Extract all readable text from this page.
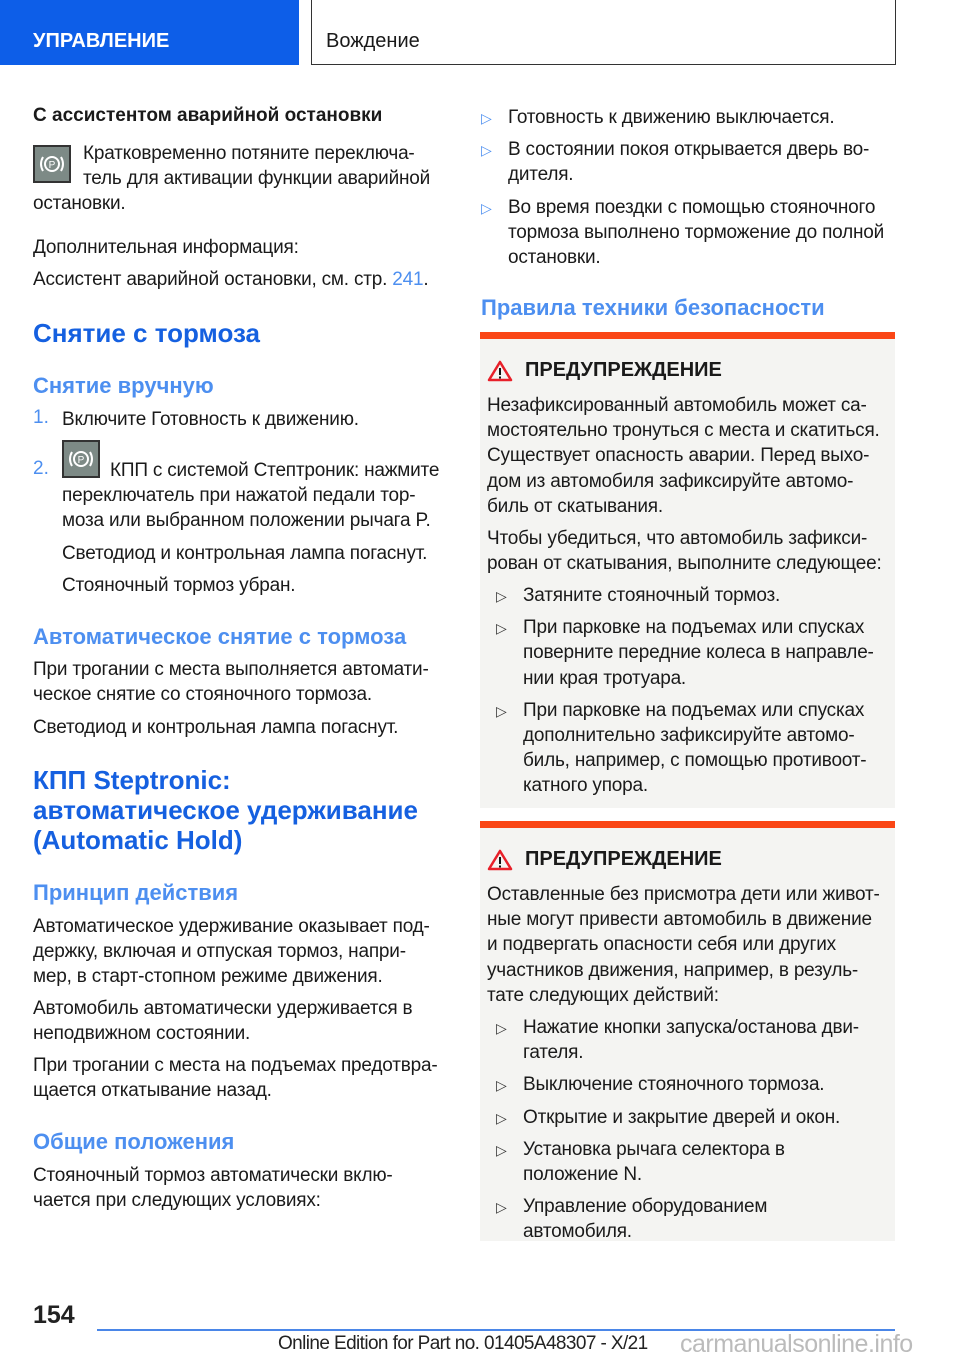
УПРАВЛЕНИЕ	Вождение
С ассистентом аварийной остановки
P
Кратковременно потяните переключа-
тель для активации функции аварийной
остановки.
Дополнительная информация:
Ассистент аварийной остановки, см. стр. 241.
Снятие с тормоза
Снятие вручную
1. Включите Готовность к движению.
2.	P	КПП с системой Стептроник: нажмите
переключатель при нажатой педали тор-
моза или выбранном положении рычага P.
Светодиод и контрольная лампа погаснут.
Стояночный тормоз убран.
Автоматическое снятие с тормоза
При трогании с места выполняется автомати-
ческое снятие со стояночного тормоза.
Светодиод и контрольная лампа погаснут.
КПП Steptronic:
автоматическое удерживание
(Automatic Hold)
Принцип действия
Автоматическое удерживание оказывает под-
держку, включая и отпуская тормоз, напри-
мер, в старт-стопном режиме движения.
Автомобиль автоматически удерживается в
неподвижном состоянии.
При трогании с места на подъемах предотвра-
щается откатывание назад.
Общие положения
Стояночный тормоз автоматически вклю-
чается при следующих условиях:
▷ Готовность к движению выключается.
▷ В состоянии покоя открывается дверь во-
дителя.
▷ Во время поездки с помощью стояночного
тормоза выполнено торможение до полной
остановки.
Правила техники безопасности
ПРЕДУПРЕЖДЕНИЕ
Незафиксированный автомобиль может са-
мостоятельно тронуться с места и скатиться.
Существует опасность аварии. Перед выхо-
дом из автомобиля зафиксируйте автомо-
биль от скатывания.
Чтобы убедиться, что автомобиль зафикси-
рован от скатывания, выполните следующее:
▷ Затяните стояночный тормоз.
▷ При парковке на подъемах или спусках
поверните передние колеса в направле-
нии края тротуара.
▷ При парковке на подъемах или спусках
дополнительно зафиксируйте автомо-
биль, например, с помощью противоот-
катного упора.
ПРЕДУПРЕЖДЕНИЕ
Оставленные без присмотра дети или живот-
ные могут привести автомобиль в движение
и подвергать опасности себя или других
участников движения, например, в резуль-
тате следующих действий:
▷ Нажатие кнопки запуска/останова дви-
гателя.
▷ Выключение стояночного тормоза.
▷ Открытие и закрытие дверей и окон.
▷ Установка рычага селектора в
положение N.
▷ Управление оборудованием
автомобиля.
154
Online Edition for Part no. 01405A48307 - X/21 carmanualsonline.info
